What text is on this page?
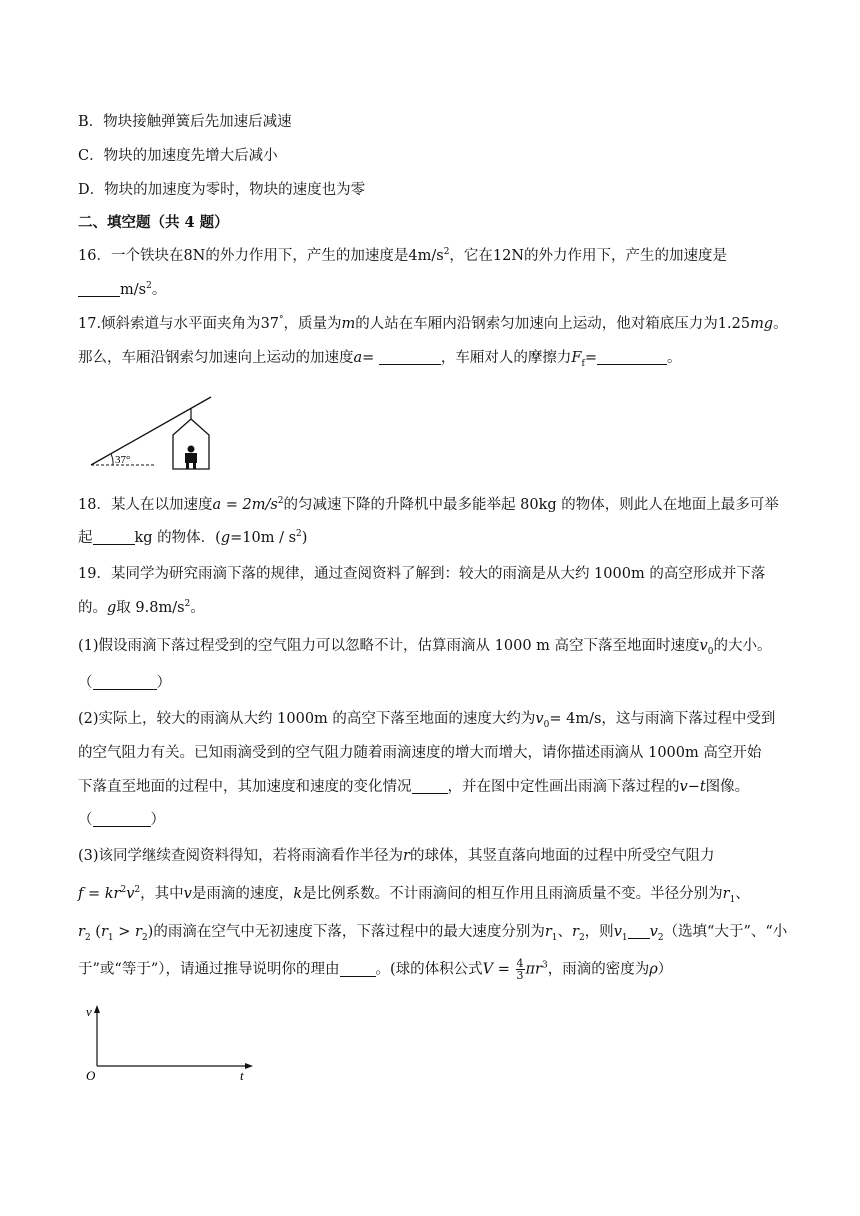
B．物块接触弹簧后先加速后减速
C．物块的加速度先增大后减小
D．物块的加速度为零时，物块的速度也为零
二、填空题（共 4 题）
16．一个铁块在8N的外力作用下，产生的加速度是$4m/s^2$，它在12N的外力作用下，产生的加速度是
$m/s^2$。
17.倾斜索道与水平面夹角为37°，质量为m的人站在车厢内沿钢索匀加速向上运动，他对箱底压力为1.25mg。
那么，车厢沿钢索匀加速向上运动的加速度a=	，车厢对人的摩擦力$F_f=$	。
37°
18．某人在以加速度$a = 2m/s^2$的匀减速下降的升降机中最多能举起 80kg 的物体，则此人在地面上最多可举
起	kg 的物体．$(g=10m / s^2)$
19．某同学为研究雨滴下落的规律，通过查阅资料了解到：较大的雨滴是从大约 1000m 的高空形成并下落
的。g取 $9.8m/s^2$。
(1)假设雨滴下落过程受到的空气阻力可以忽略不计，估算雨滴从 1000 m 高空下落至地面时速度$v_0$的大小。
（	）
(2)实际上，较大的雨滴从大约 1000m 的高空下落至地面的速度大约为$v_0= 4m/s$，这与雨滴下落过程中受到
的空气阻力有关。已知雨滴受到的空气阻力随着雨滴速度的增大而增大，请你描述雨滴从 1000m 高空开始
下落直至地面的过程中，其加速度和速度的变化情况 ，并在图中定性画出雨滴下落过程的v−t图像。
（	）
(3)该同学继续查阅资料得知，若将雨滴看作半径为r的球体，其竖直落向地面的过程中所受空气阻力
$f = kr^2v^2$，其中v是雨滴的速度，k是比例系数。不计雨滴间的相互作用且雨滴质量不变。半径分别为$r_1$、
$r_2$ $(r_1 > r_2)$的雨滴在空气中无初速度下落，下落过程中的最大速度分别为$r_1$、$r_2$，则$v_1$ $v_2$（选填“大于”、“小
于”或“等于”），请通过推导说明你的理由 。(球的体积公式$V = \frac{4}{3} \pi r^3$，雨滴的密度为ρ）
v
O	t
